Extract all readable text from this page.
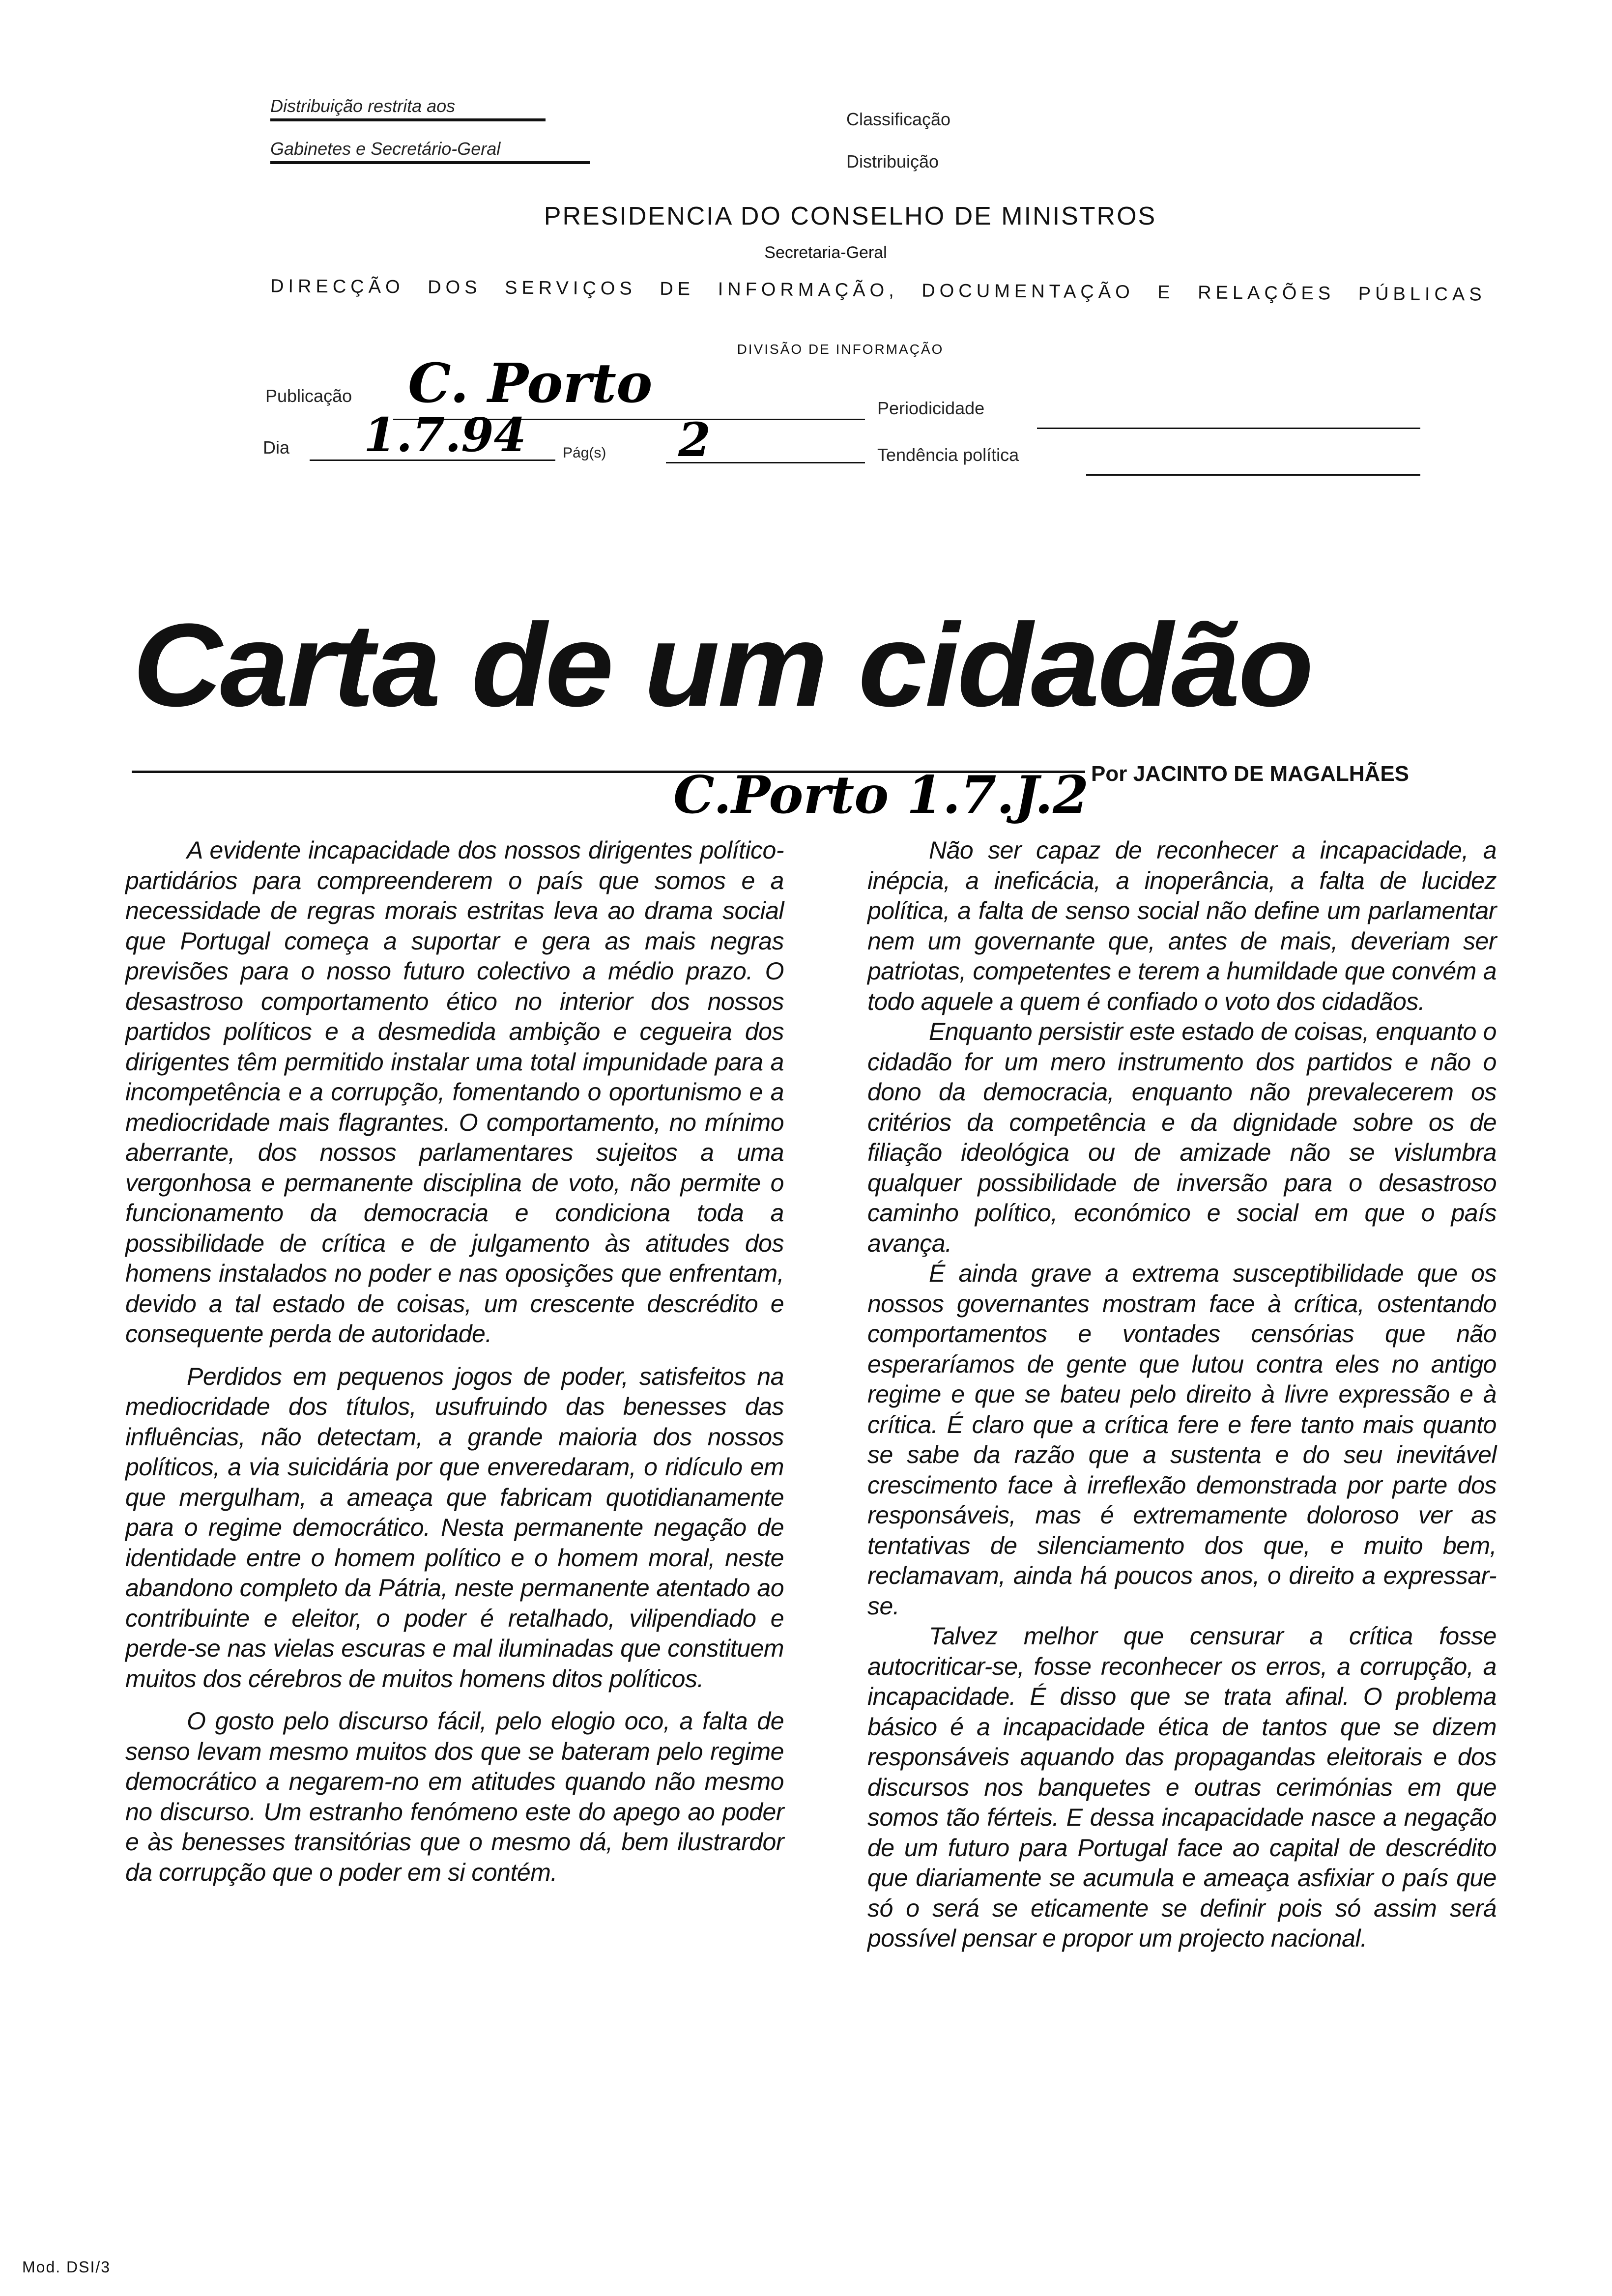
Distribuição restrita aos
Gabinetes e Secretário-Geral
Classificação
Distribuição
PRESIDENCIA DO CONSELHO DE MINISTROS
Secretaria-Geral
DIRECÇÃO DOS SERVIÇOS DE INFORMAÇÃO, DOCUMENTAÇÃO E RELAÇÕES PÚBLICAS
DIVISÃO DE INFORMAÇÃO
Publicação C. Porto	Periodicidade
Dia 1.7.94 Pág(s) 2	Tendência política
Carta de um cidadão
Por JACINTO DE MAGALHÃES
C.Porto 1.7.J.2

A evidente incapacidade dos nossos dirigentes político-partidários para compreenderem o país que somos e a necessidade de regras morais estritas leva ao drama social que Portugal começa a suportar e gera as mais negras previsões para o nosso futuro colectivo a médio prazo. O desastroso comportamento ético no interior dos nossos partidos políticos e a desmedida ambição e cegueira dos dirigentes têm permitido instalar uma total impunidade para a incompetência e a corrupção, fomentando o oportunismo e a mediocridade mais flagrantes. O comportamento, no mínimo aberrante, dos nossos parlamentares sujeitos a uma vergonhosa e permanente disciplina de voto, não permite o funcionamento da democracia e condiciona toda a possibilidade de crítica e de julgamento às atitudes dos homens instalados no poder e nas oposições que enfrentam, devido a tal estado de coisas, um crescente descrédito e consequente perda de autoridade.

Perdidos em pequenos jogos de poder, satisfeitos na mediocridade dos títulos, usufruindo das benesses das influências, não detectam, a grande maioria dos nossos políticos, a via suicidária por que enveredaram, o ridículo em que mergulham, a ameaça que fabricam quotidianamente para o regime democrático. Nesta permanente negação de identidade entre o homem político e o homem moral, neste abandono completo da Pátria, neste permanente atentado ao contribuinte e eleitor, o poder é retalhado, vilipendiado e perde-se nas vielas escuras e mal iluminadas que constituem muitos dos cérebros de muitos homens ditos políticos.

O gosto pelo discurso fácil, pelo elogio oco, a falta de senso levam mesmo muitos dos que se bateram pelo regime democrático a negarem-no em atitudes quando não mesmo no discurso. Um estranho fenómeno este do apego ao poder e às benesses transitórias que o mesmo dá, bem ilustrardor da corrupção que o poder em si contém.

Não ser capaz de reconhecer a incapacidade, a inépcia, a ineficácia, a inoperância, a falta de lucidez política, a falta de senso social não define um parlamentar nem um governante que, antes de mais, deveriam ser patriotas, competentes e terem a humildade que convém a todo aquele a quem é confiado o voto dos cidadãos.

Enquanto persistir este estado de coisas, enquanto o cidadão for um mero instrumento dos partidos e não o dono da democracia, enquanto não prevalecerem os critérios da competência e da dignidade sobre os de filiação ideológica ou de amizade não se vislumbra qualquer possibilidade de inversão para o desastroso caminho político, económico e social em que o país avança.

É ainda grave a extrema susceptibilidade que os nossos governantes mostram face à crítica, ostentando comportamentos e vontades censórias que não esperaríamos de gente que lutou contra eles no antigo regime e que se bateu pelo direito à livre expressão e à crítica. É claro que a crítica fere e fere tanto mais quanto se sabe da razão que a sustenta e do seu inevitável crescimento face à irreflexão demonstrada por parte dos responsáveis, mas é extremamente doloroso ver as tentativas de silenciamento dos que, e muito bem, reclamavam, ainda há poucos anos, o direito a expressar-se.

Talvez melhor que censurar a crítica fosse autocriticar-se, fosse reconhecer os erros, a corrupção, a incapacidade. É disso que se trata afinal. O problema básico é a incapacidade ética de tantos que se dizem responsáveis aquando das propagandas eleitorais e dos discursos nos banquetes e outras cerimónias em que somos tão férteis. E dessa incapacidade nasce a negação de um futuro para Portugal face ao capital de descrédito que diariamente se acumula e ameaça asfixiar o país que só o será se eticamente se definir pois só assim será possível pensar e propor um projecto nacional.

Mod. DSI/3
